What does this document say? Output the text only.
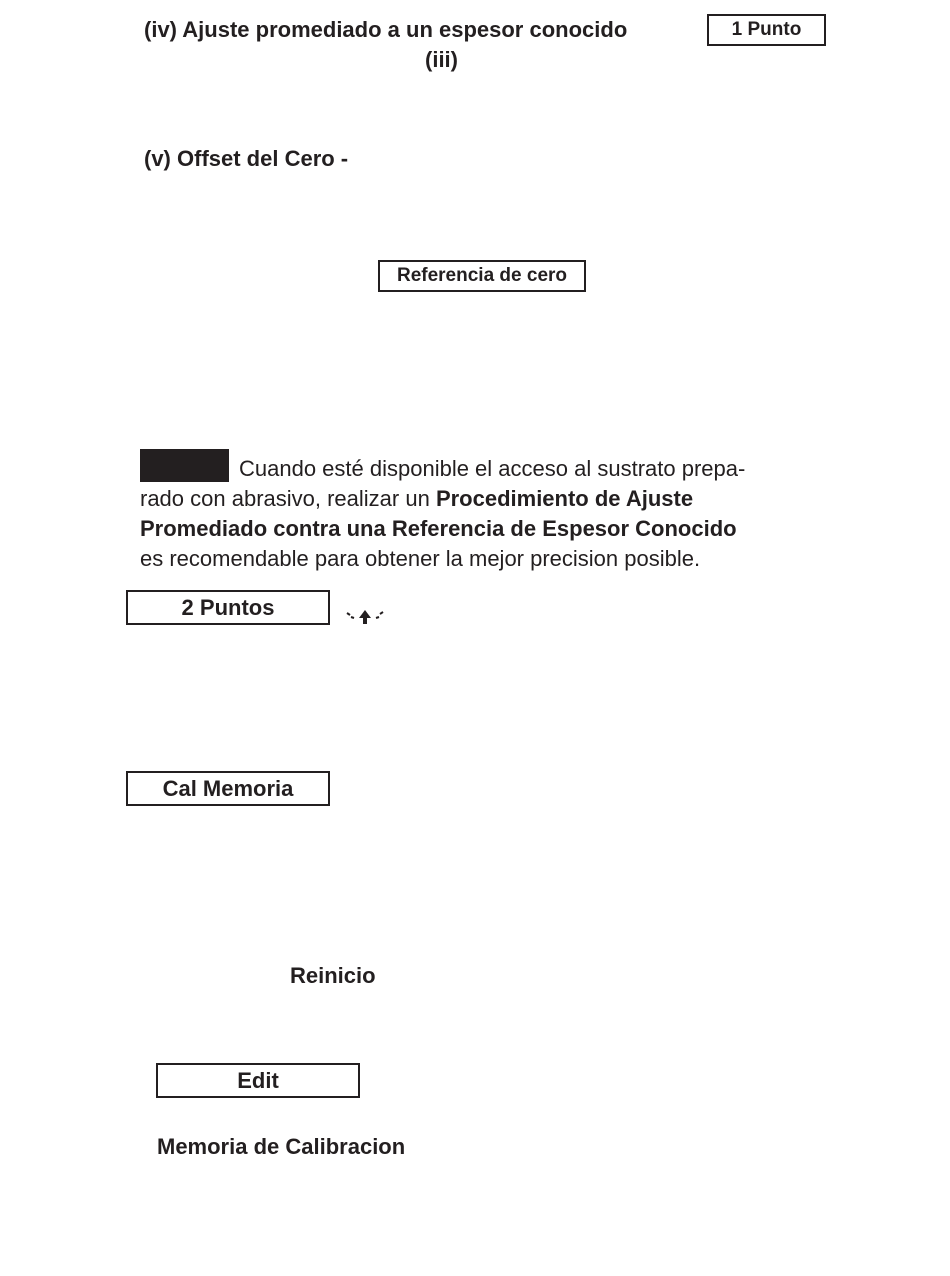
(iv) Ajuste promediado a un espesor conocido	1 Punto
(iii)
(v) Offset del Cero -
Referencia de cero
Cuando esté disponible el acceso al sustrato prepa-
rado con abrasivo, realizar un Procedimiento de Ajuste
Promediado contra una Referencia de Espesor Conocido
es recomendable para obtener la mejor precision posible.
2 Puntos
Cal Memoria
Reinicio
Edit
Memoria de Calibracion
